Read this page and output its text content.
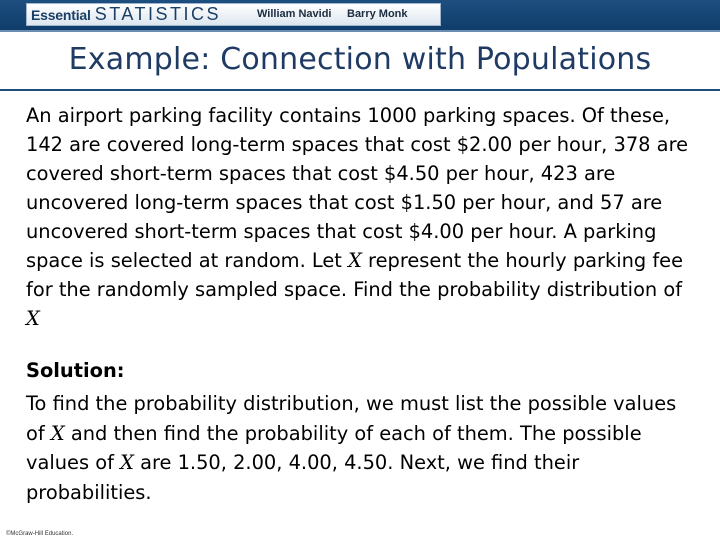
Essential STATISTICS	William Navidi Barry Monk
Example: Connection with Populations

An airport parking facility contains 1000 parking spaces. Of these, 142 are covered long-term spaces that cost $2.00 per hour, 378 are covered short-term spaces that cost $4.50 per hour, 423 are uncovered long-term spaces that cost $1.50 per hour, and 57 are uncovered short-term spaces that cost $4.00 per hour. A parking space is selected at random. Let X represent the hourly parking fee for the randomly sampled space. Find the probability distribution of X

Solution:

To find the probability distribution, we must list the possible values of X and then find the probability of each of them. The possible values of X are 1.50, 2.00, 4.00, 4.50. Next, we find their probabilities.

©McGraw-Hill Education.
